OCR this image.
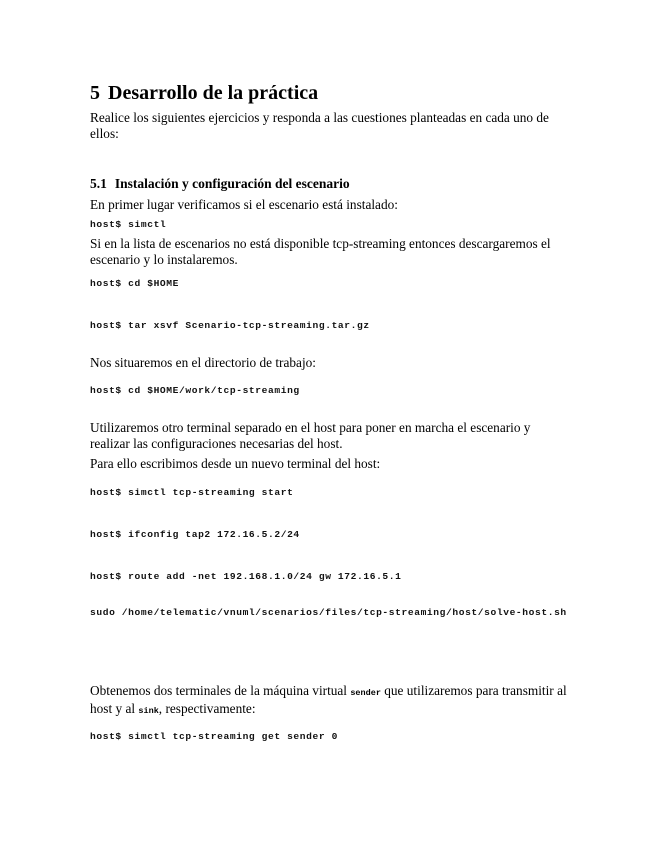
5 Desarrollo de la práctica
Realice los siguientes ejercicios y responda a las cuestiones planteadas en cada uno de ellos:
5.1 Instalación y configuración del escenario
En primer lugar verificamos si el escenario está instalado:
host$ simctl
Si en la lista de escenarios no está disponible tcp-streaming entonces descargaremos el escenario y lo instalaremos.
host$ cd $HOME
host$ tar xsvf Scenario-tcp-streaming.tar.gz
Nos situaremos en el directorio de trabajo:
host$ cd $HOME/work/tcp-streaming
Utilizaremos otro terminal separado en el host para poner en marcha el escenario y realizar las configuraciones necesarias del host.
Para ello escribimos desde un nuevo terminal del host:
host$ simctl tcp-streaming start
host$ ifconfig tap2 172.16.5.2/24
host$ route add -net 192.168.1.0/24 gw 172.16.5.1
sudo /home/telematic/vnuml/scenarios/files/tcp-streaming/host/solve-host.sh
Obtenemos dos terminales de la máquina virtual sender que utilizaremos para transmitir al host y al sink, respectivamente:
host$ simctl tcp-streaming get sender 0
